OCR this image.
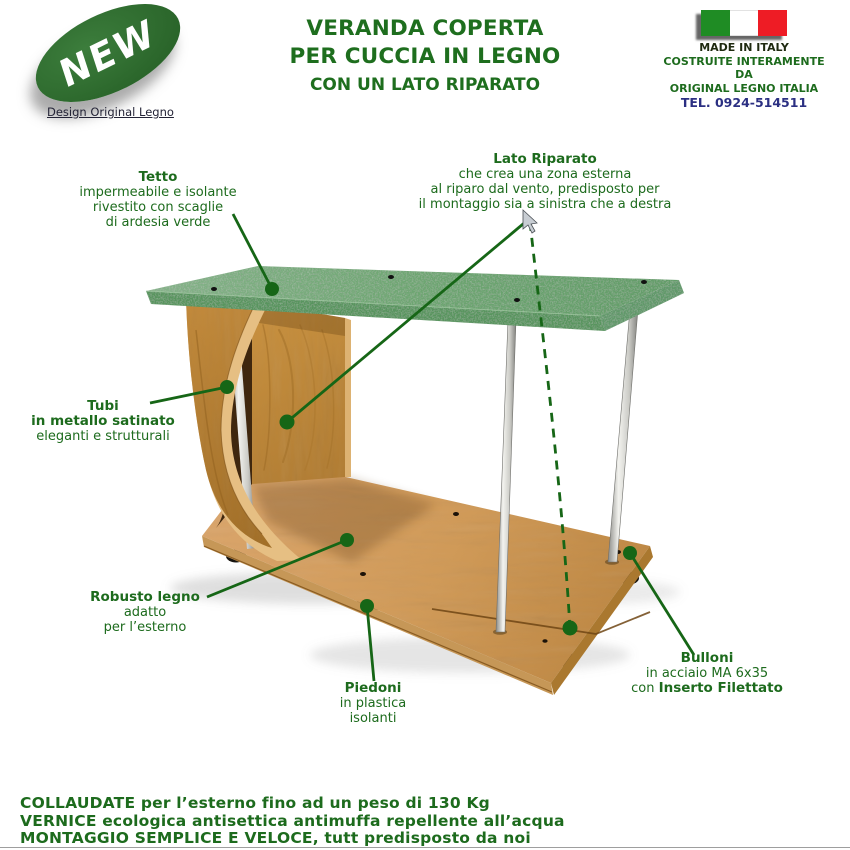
NEW
Design Original Legno
VERANDA COPERTA
PER CUCCIA IN LEGNO
CON UN LATO RIPARATO
MADE IN ITALY
COSTRUITE INTERAMENTE
DA
ORIGINAL LEGNO ITALIA
TEL. 0924-514511
Tetto
impermeabile e isolante
rivestito con scaglie
di ardesia verde
Lato Riparato
che crea una zona esterna
al riparo dal vento, predisposto per
il montaggio sia a sinistra che a destra
Tubi
in metallo satinato
eleganti e strutturali
Robusto legno
adatto
per l’esterno
Piedoni
in plastica
isolanti
Bulloni
in acciaio MA 6x35
con Inserto Filettato
COLLAUDATE per l’esterno fino ad un peso di 130 Kg
VERNICE ecologica antisettica antimuffa repellente all’acqua
MONTAGGIO SEMPLICE E VELOCE, tutt predisposto da noi
